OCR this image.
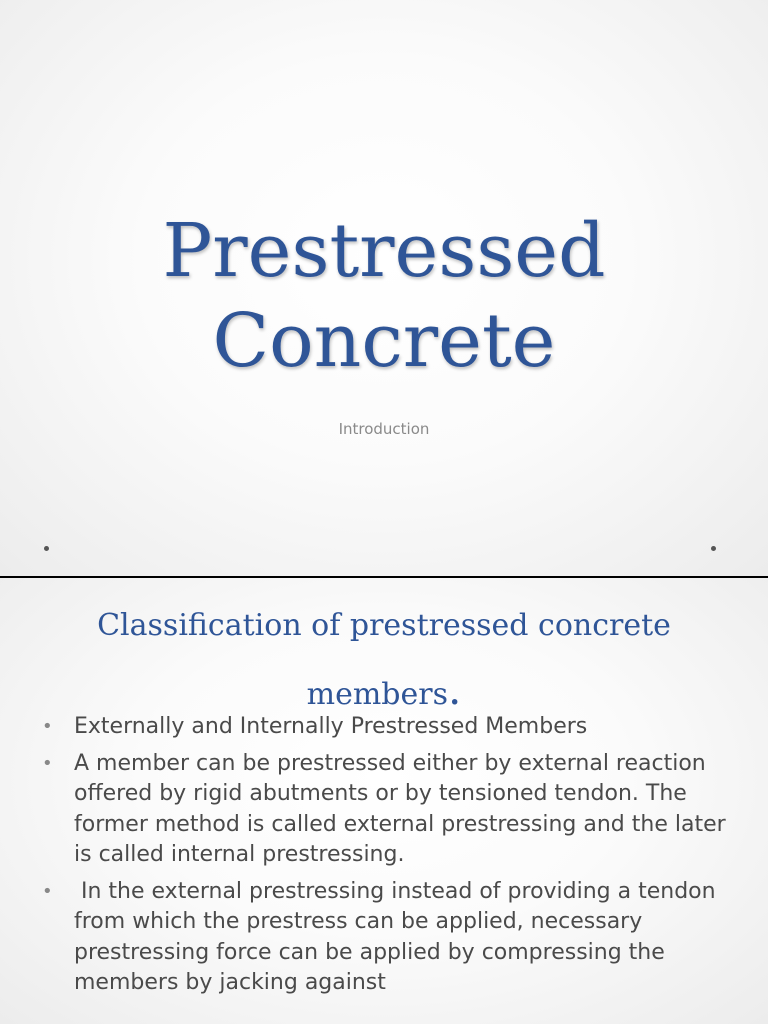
Prestressed
Concrete
Introduction
Classification of prestressed concrete
members.
• Externally and Internally Prestressed Members
• A member can be prestressed either by external reaction offered by rigid abutments or by tensioned tendon. The former method is called external prestressing and the later is called internal prestressing.
• In the external prestressing instead of providing a tendon from which the prestress can be applied, necessary prestressing force can be applied by compressing the members by jacking against
